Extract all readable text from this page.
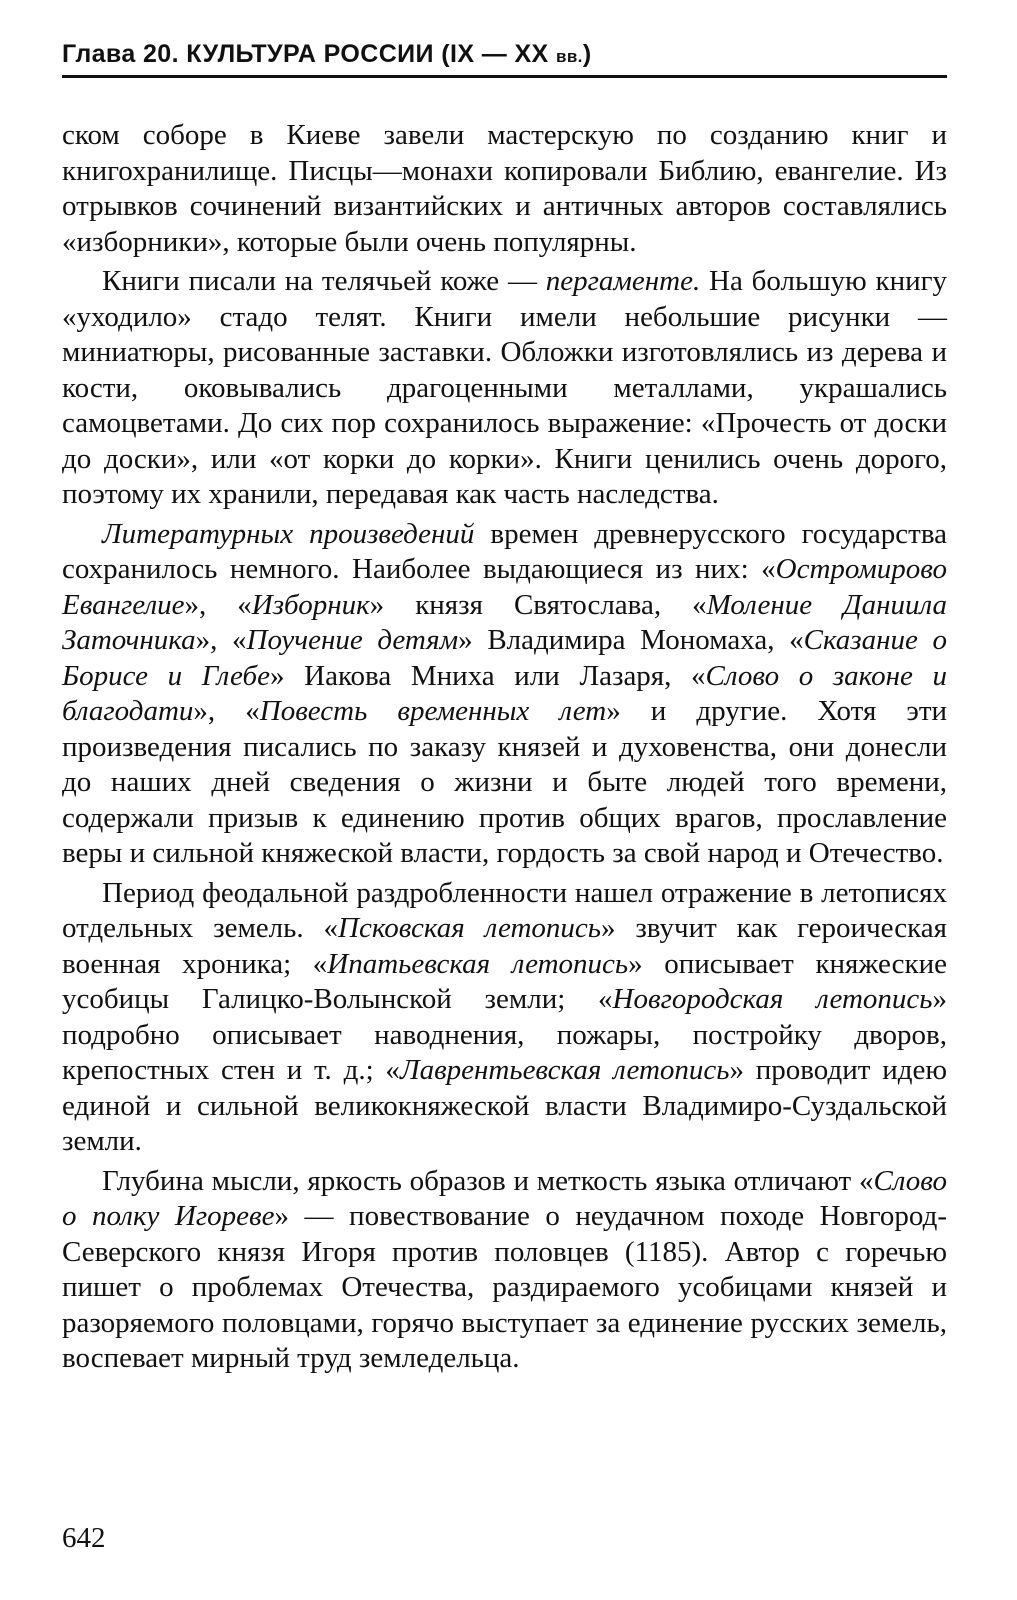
Глава 20. КУЛЬТУРА РОССИИ (IX — XX вв.)

ском соборе в Киеве завели мастерскую по созданию книг и книгохранилище. Писцы—монахи копировали Библию, евангелие. Из отрывков сочинений византийских и античных авторов составлялись «изборники», которые были очень популярны.

Книги писали на телячьей коже — пергаменте. На большую книгу «уходило» стадо телят. Книги имели небольшие рисунки — миниатюры, рисованные заставки. Обложки изготовлялись из дерева и кости, оковывались драгоценными металлами, украшались самоцветами. До сих пор сохранилось выражение: «Прочесть от доски до доски», или «от корки до корки». Книги ценились очень дорого, поэтому их хранили, передавая как часть наследства.

Литературных произведений времен древнерусского государства сохранилось немного. Наиболее выдающиеся из них: «Остромирово Евангелие», «Изборник» князя Святослава, «Моление Даниила Заточника», «Поучение детям» Владимира Мономаха, «Сказание о Борисе и Глебе» Иакова Мниха или Лазаря, «Слово о законе и благодати», «Повесть временных лет» и другие. Хотя эти произведения писались по заказу князей и духовенства, они донесли до наших дней сведения о жизни и быте людей того времени, содержали призыв к единению против общих врагов, прославление веры и сильной княжеской власти, гордость за свой народ и Отечество.

Период феодальной раздробленности нашел отражение в летописях отдельных земель. «Псковская летопись» звучит как героическая военная хроника; «Ипатьевская летопись» описывает княжеские усобицы Галицко-Волынской земли; «Новгородская летопись» подробно описывает наводнения, пожары, постройку дворов, крепостных стен и т. д.; «Лаврентьевская летопись» проводит идею единой и сильной великокняжеской власти Владимиро-Суздальской земли.

Глубина мысли, яркость образов и меткость языка отличают «Слово о полку Игореве» — повествование о неудачном походе Новгород-Северского князя Игоря против половцев (1185). Автор с горечью пишет о проблемах Отечества, раздираемого усобицами князей и разоряемого половцами, горячо выступает за единение русских земель, воспевает мирный труд земледельца.

642
